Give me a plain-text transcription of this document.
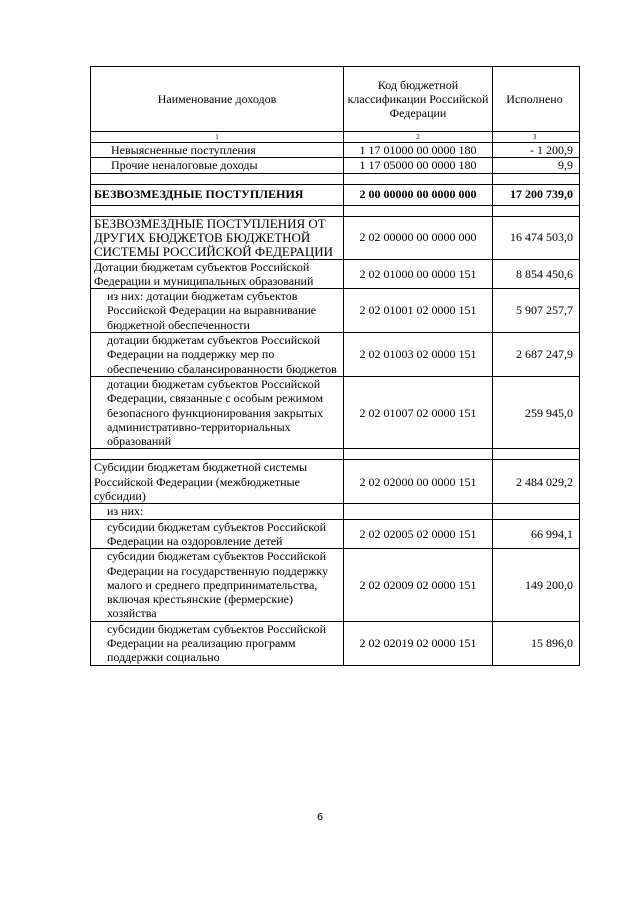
Наименование доходов	Код бюджетной классификации Российской Федерации	Исполнено
1	2	3
Невыясненные поступления	1 17 01000 00 0000 180	- 1 200,9
Прочие неналоговые доходы	1 17 05000 00 0000 180	9,9

БЕЗВОЗМЕЗДНЫЕ ПОСТУПЛЕНИЯ	2 00 00000 00 0000 000	17 200 739,0

БЕЗВОЗМЕЗДНЫЕ ПОСТУПЛЕНИЯ ОТ ДРУГИХ БЮДЖЕТОВ БЮДЖЕТНОЙ СИСТЕМЫ РОССИЙСКОЙ ФЕДЕРАЦИИ	2 02 00000 00 0000 000	16 474 503,0
Дотации бюджетам субъектов Российской Федерации и муниципальных образований	2 02 01000 00 0000 151	8 854 450,6
из них: дотации бюджетам субъектов Российской Федерации на выравнивание бюджетной обеспеченности	2 02 01001 02 0000 151	5 907 257,7
дотации бюджетам субъектов Российской Федерации на поддержку мер по обеспечению сбалансированности бюджетов	2 02 01003 02 0000 151	2 687 247,9
дотации бюджетам субъектов Российской Федерации, связанные с особым режимом безопасного функционирования закрытых административно-территориальных образований	2 02 01007 02 0000 151	259 945,0

Субсидии бюджетам бюджетной системы Российской Федерации (межбюджетные субсидии)	2 02 02000 00 0000 151	2 484 029,2
из них:		
субсидии бюджетам субъектов Российской Федерации на оздоровление детей	2 02 02005 02 0000 151	66 994,1
субсидии бюджетам субъектов Российской Федерации на государственную поддержку малого и среднего предпринимательства, включая крестьянские (фермерские) хозяйства	2 02 02009 02 0000 151	149 200,0
субсидии бюджетам субъектов Российской Федерации на реализацию программ поддержки социально	2 02 02019 02 0000 151	15 896,0
6
